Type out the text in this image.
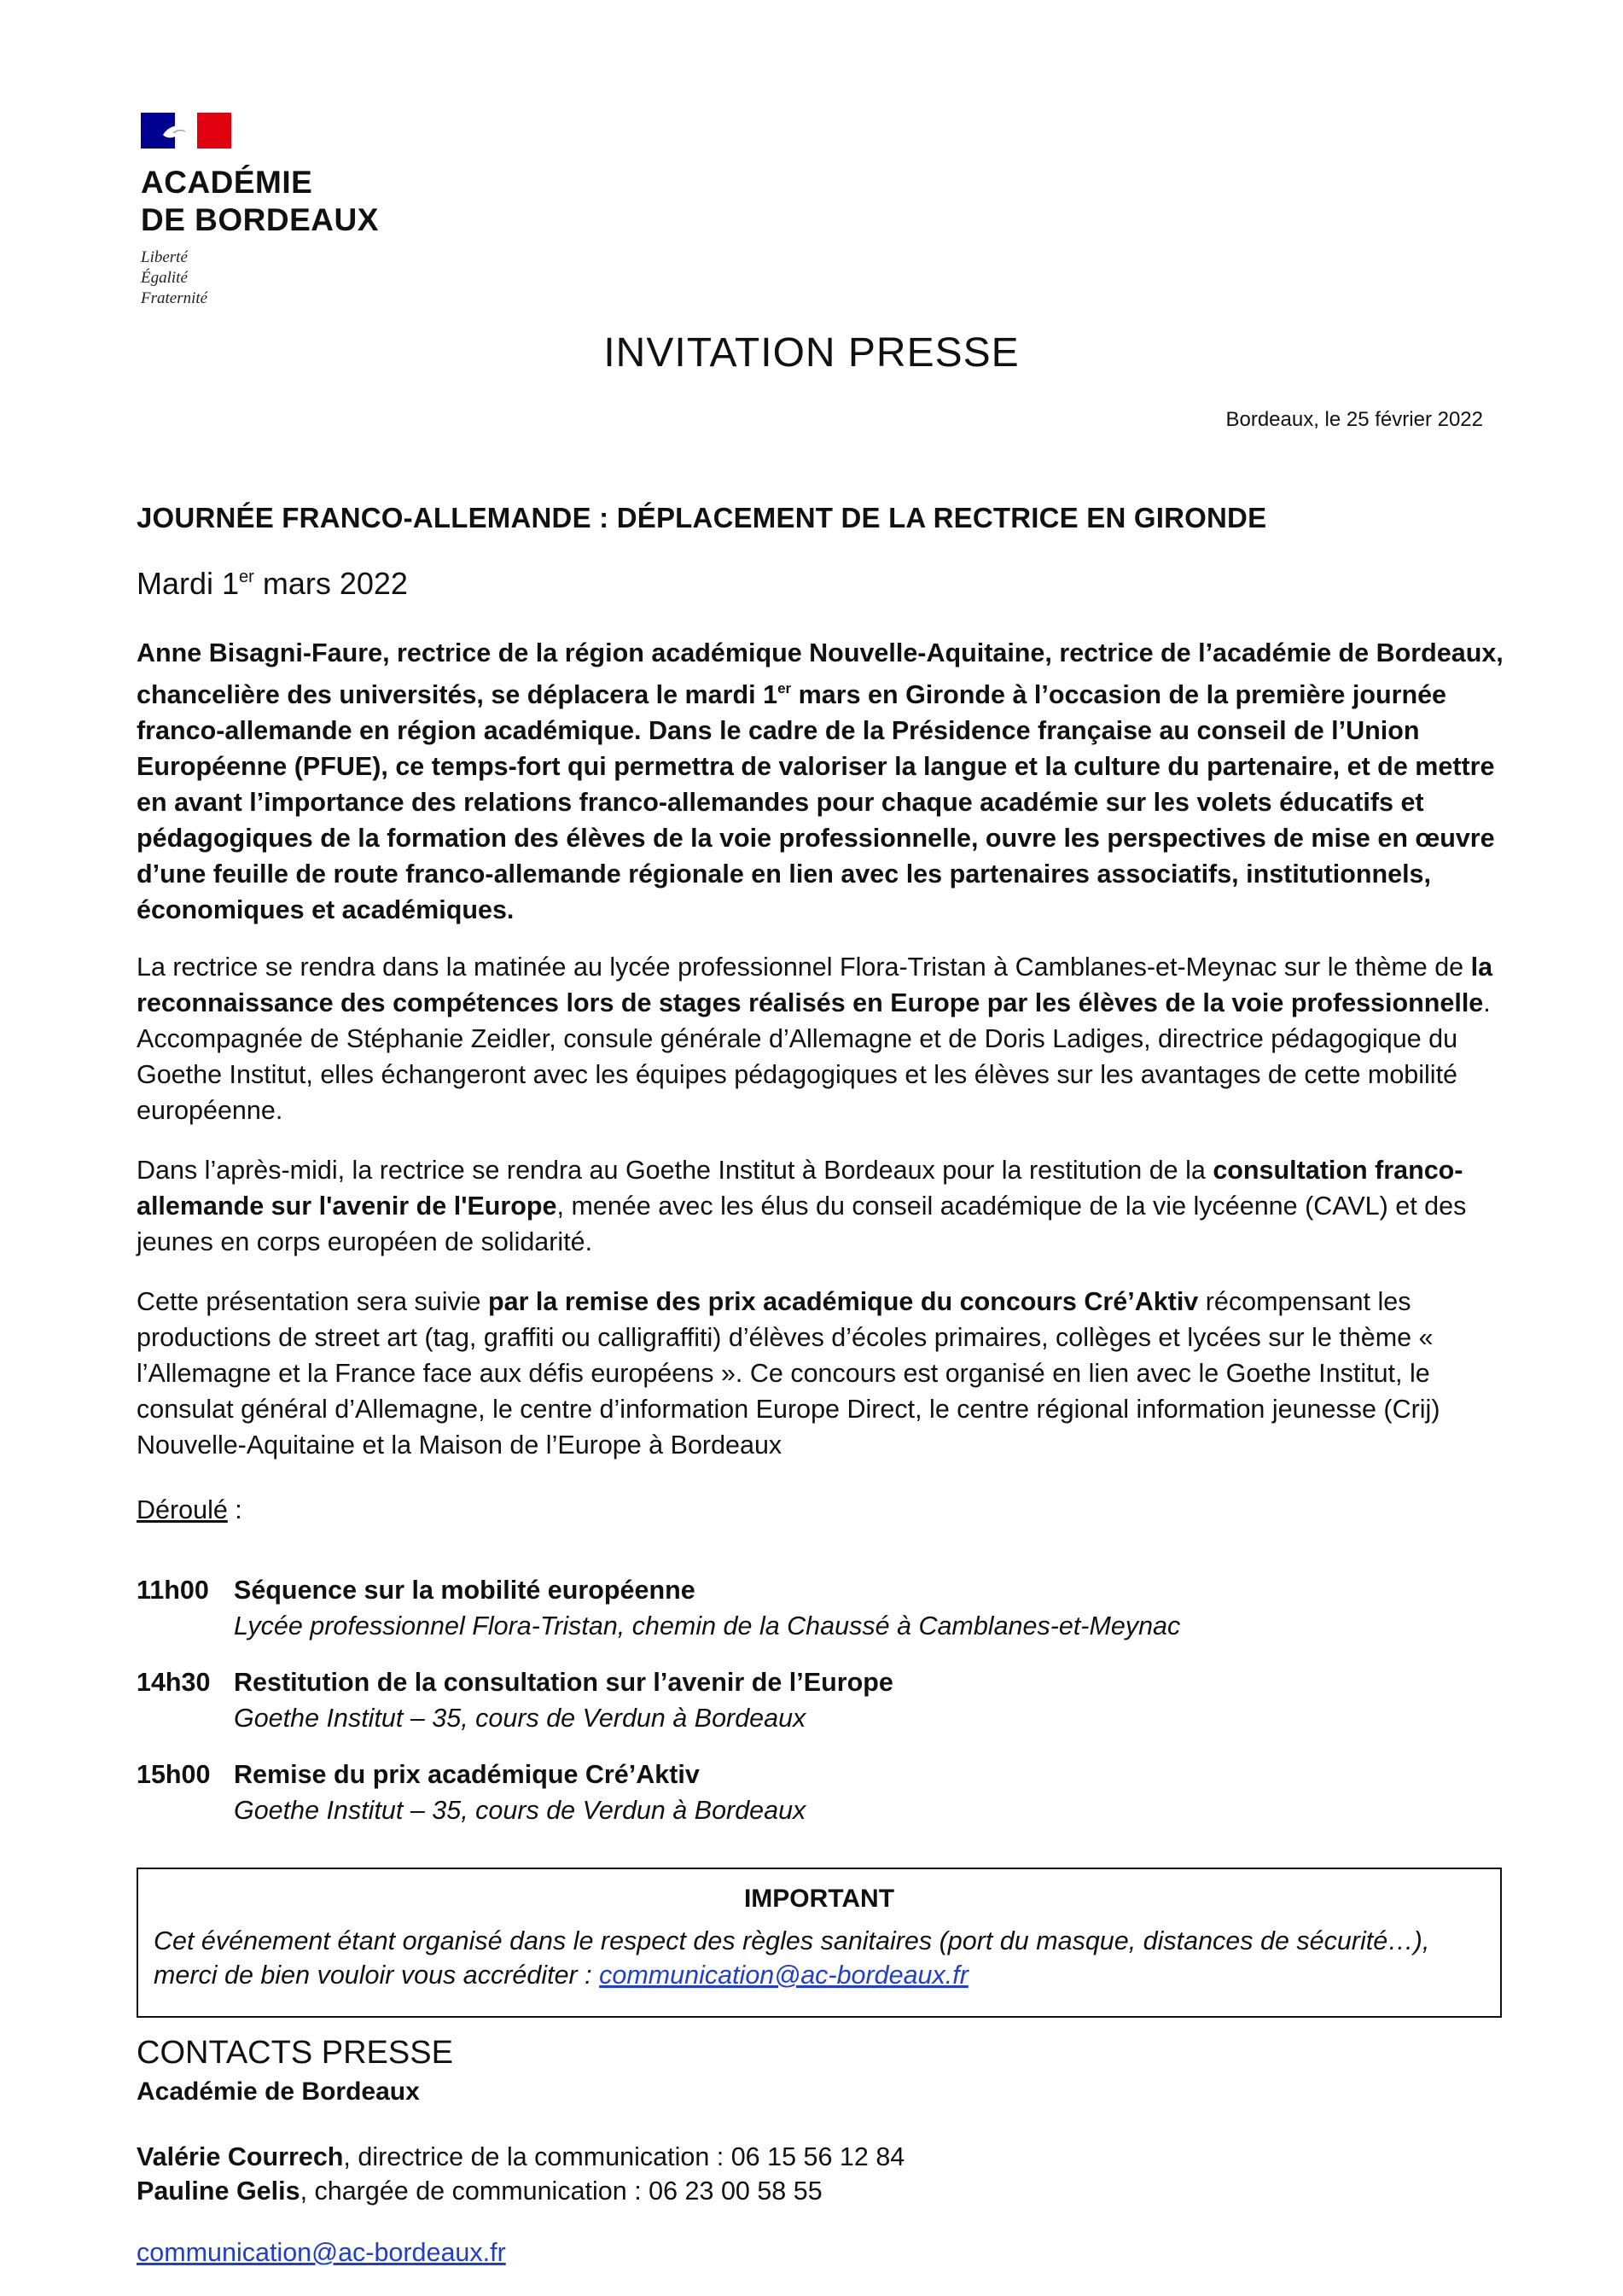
ACADÉMIE
DE BORDEAUX
Liberté
Égalité
Fraternité
INVITATION PRESSE
Bordeaux, le 25 février 2022
JOURNÉE FRANCO-ALLEMANDE : DÉPLACEMENT DE LA RECTRICE EN GIRONDE
Mardi 1er mars 2022

Anne Bisagni-Faure, rectrice de la région académique Nouvelle-Aquitaine, rectrice de l’académie de Bordeaux, chancelière des universités, se déplacera le mardi 1er mars en Gironde à l’occasion de la première journée franco-allemande en région académique. Dans le cadre de la Présidence française au conseil de l’Union Européenne (PFUE), ce temps-fort qui permettra de valoriser la langue et la culture du partenaire, et de mettre en avant l’importance des relations franco-allemandes pour chaque académie sur les volets éducatifs et pédagogiques de la formation des élèves de la voie professionnelle, ouvre les perspectives de mise en œuvre d’une feuille de route franco-allemande régionale en lien avec les partenaires associatifs, institutionnels, économiques et académiques.

La rectrice se rendra dans la matinée au lycée professionnel Flora-Tristan à Camblanes-et-Meynac sur le thème de la reconnaissance des compétences lors de stages réalisés en Europe par les élèves de la voie professionnelle. Accompagnée de Stéphanie Zeidler, consule générale d’Allemagne et de Doris Ladiges, directrice pédagogique du Goethe Institut, elles échangeront avec les équipes pédagogiques et les élèves sur les avantages de cette mobilité européenne.

Dans l’après-midi, la rectrice se rendra au Goethe Institut à Bordeaux pour la restitution de la consultation franco-allemande sur l'avenir de l'Europe, menée avec les élus du conseil académique de la vie lycéenne (CAVL) et des jeunes en corps européen de solidarité.

Cette présentation sera suivie par la remise des prix académique du concours Cré’Aktiv récompensant les productions de street art (tag, graffiti ou calligraffiti) d’élèves d’écoles primaires, collèges et lycées sur le thème « l’Allemagne et la France face aux défis européens ». Ce concours est organisé en lien avec le Goethe Institut, le consulat général d’Allemagne, le centre d’information Europe Direct, le centre régional information jeunesse (Crij) Nouvelle-Aquitaine et la Maison de l’Europe à Bordeaux

Déroulé :
11h00 Séquence sur la mobilité européenne
Lycée professionnel Flora-Tristan, chemin de la Chaussé à Camblanes-et-Meynac
14h30 Restitution de la consultation sur l’avenir de l’Europe
Goethe Institut – 35, cours de Verdun à Bordeaux
15h00 Remise du prix académique Cré’Aktiv
Goethe Institut – 35, cours de Verdun à Bordeaux
IMPORTANT
Cet événement étant organisé dans le respect des règles sanitaires (port du masque, distances de sécurité…), merci de bien vouloir vous accréditer : communication@ac-bordeaux.fr
CONTACTS PRESSE
Académie de Bordeaux
Valérie Courrech, directrice de la communication : 06 15 56 12 84
Pauline Gelis, chargée de communication : 06 23 00 58 55
communication@ac-bordeaux.fr
